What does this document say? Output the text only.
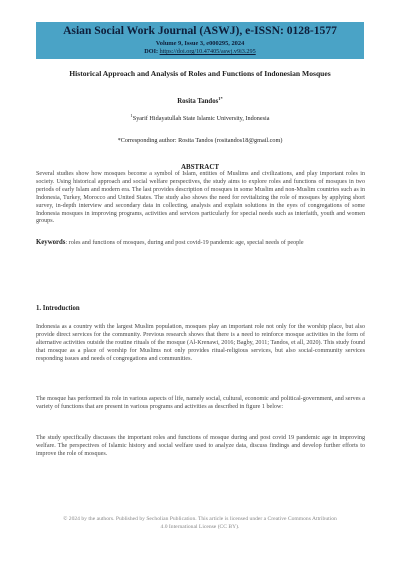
Asian Social Work Journal (ASWJ), e-ISSN: 0128-1577
Volume 9, Issue 3, e000295, 2024
DOI: https://doi.org/10.47405/aswj.v9i3.295
Historical Approach and Analysis of Roles and Functions of Indonesian Mosques
Rosita Tandos$^{1*}$
$^1$Syarif Hidayatullah State Islamic University, Indonesia
*Corresponding author: Rosita Tandos (rositandos18@gmail.com)
ABSTRACT
Several studies show how mosques become a symbol of Islam, entities of Muslims and civilizations, and play important roles in society. Using historical approach and social welfare perspectives, the study aims to explore roles and functions of mosques in two periods of early Islam and modern era. The last provides description of mosques in some Muslim and non-Muslim countries such as in Indonesia, Turkey, Morocco and United States. The study also shows the need for revitalizing the role of mosques by applying short survey, in-depth interview and secondary data in collecting, analysis and explain solutions in the eyes of congregations of some Indonesia mosques in improving programs, activities and services particularly for special needs such as interfaith, youth and women groups.
Keywords: roles and functions of mosques, during and post covid-19 pandemic age, special needs of people
1. Introduction
Indonesia as a country with the largest Muslim population, mosques play an important role not only for the worship place, but also provide direct services for the community. Previous research shows that there is a need to reinforce mosque activities in the form of alternative activities outside the routine rituals of the mosque (Al-Krenawi, 2016; Bagby, 2011; Tandos, et all, 2020). This study found that mosque as a place of worship for Muslims not only provides ritual-religious services, but also social-community services responding issues and needs of congregations and communities.
The mosque has performed its role in various aspects of life, namely social, cultural, economic and political-government, and serves a variety of functions that are present in various programs and activities as described in figure 1 below:
The study specifically discusses the important roles and functions of mosque during and post covid 19 pandemic age in improving welfare. The perspectives of Islamic history and social welfare used to analyze data, discuss findings and develop further efforts to improve the role of mosques.
© 2024 by the authors. Published by Secholian Publication. This article is licensed under a Creative Commons Attribution 4.0 International License (CC BY).
